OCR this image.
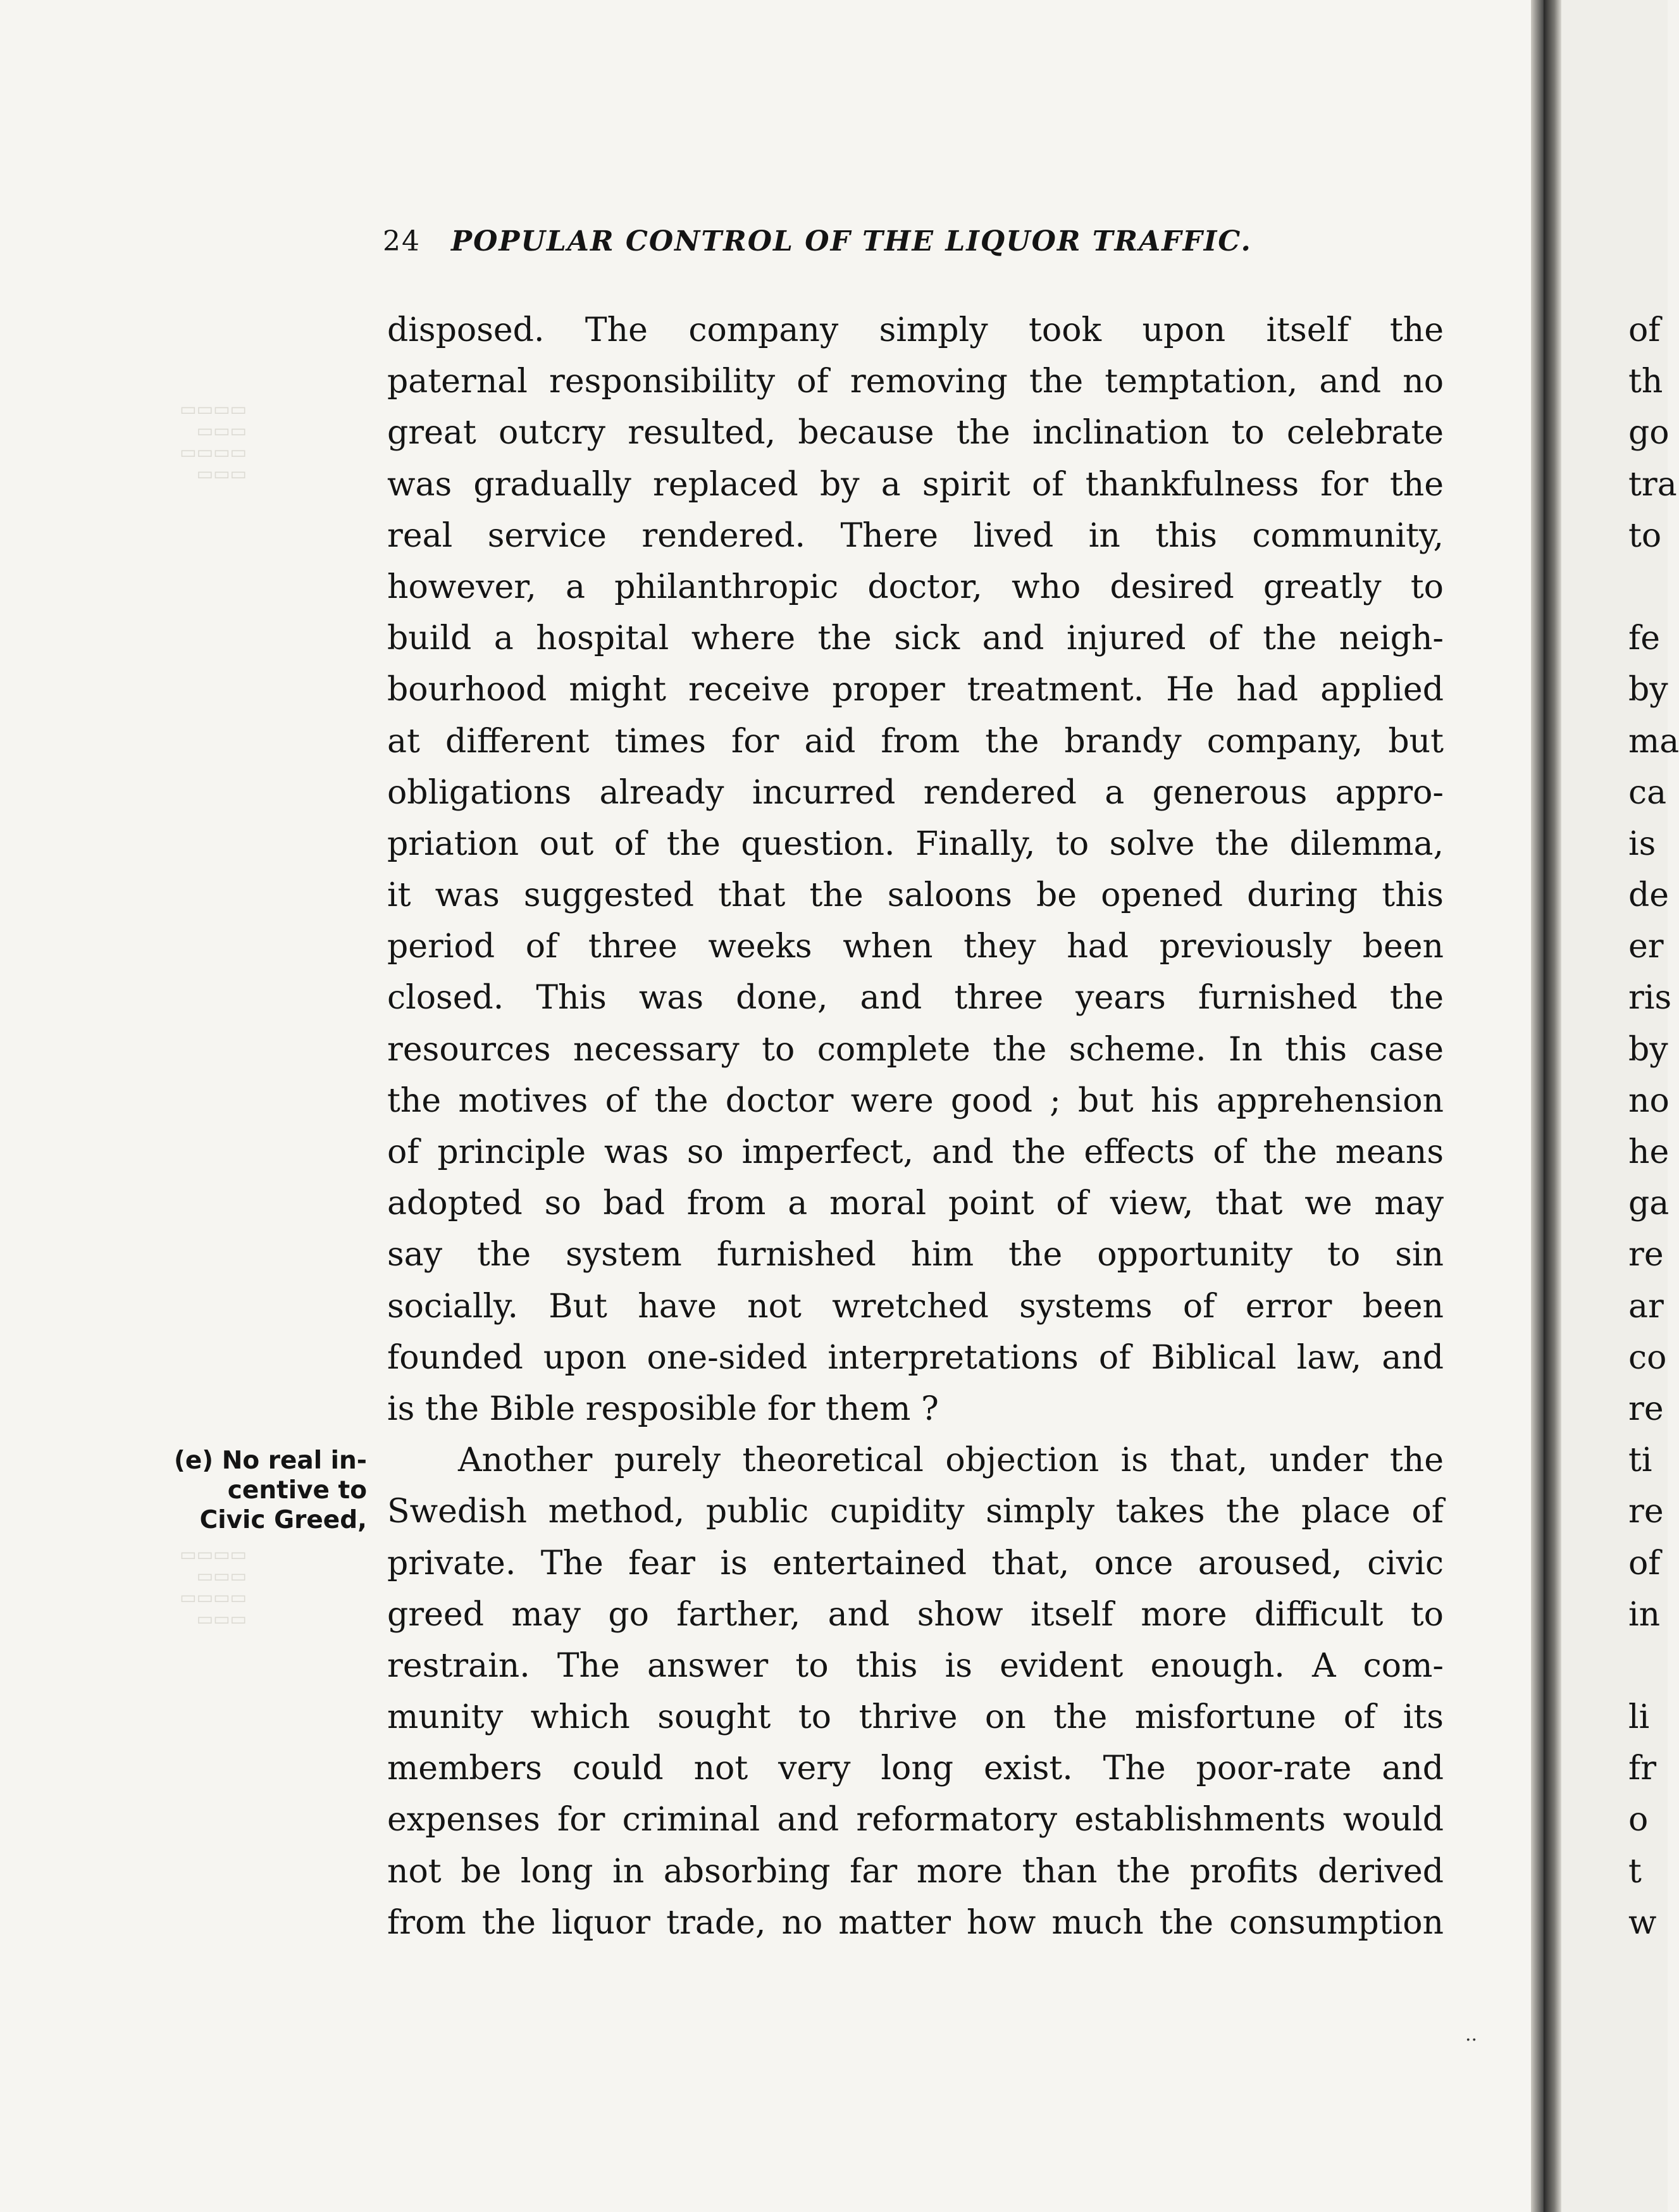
24 POPULAR CONTROL OF THE LIQUOR TRAFFIC.
▭▭▭▭
▭▭▭
▭▭▭▭
▭▭▭
▭▭▭▭
▭▭▭
▭▭▭▭
▭▭▭
(e) No real in-
centive to
Civic Greed,
disposed. The company simply took upon itself the
paternal responsibility of removing the temptation, and no
great outcry resulted, because the inclination to celebrate
was gradually replaced by a spirit of thankfulness for the
real service rendered. There lived in this community,
however, a philanthropic doctor, who desired greatly to
build a hospital where the sick and injured of the neigh-
bourhood might receive proper treatment. He had applied
at different times for aid from the brandy company, but
obligations already incurred rendered a generous appro-
priation out of the question. Finally, to solve the dilemma,
it was suggested that the saloons be opened during this
period of three weeks when they had previously been
closed. This was done, and three years furnished the
resources necessary to complete the scheme. In this case
the motives of the doctor were good ; but his apprehension
of principle was so imperfect, and the effects of the means
adopted so bad from a moral point of view, that we may
say the system furnished him the opportunity to sin
socially. But have not wretched systems of error been
founded upon one-sided interpretations of Biblical law, and
is the Bible resposible for them ?
Another purely theoretical objection is that, under the
Swedish method, public cupidity simply takes the place of
private. The fear is entertained that, once aroused, civic
greed may go farther, and show itself more difficult to
restrain. The answer to this is evident enough. A com-
munity which sought to thrive on the misfortune of its
members could not very long exist. The poor-rate and
expenses for criminal and reformatory establishments would
not be long in absorbing far more than the profits derived
from the liquor trade, no matter how much the consumption
..
of
th
go
tra
to
fe
by
ma
ca
is
de
er
ris
by
no
he
ga
re
ar
co
re
ti
re
of
in
li
fr
o
t
w
